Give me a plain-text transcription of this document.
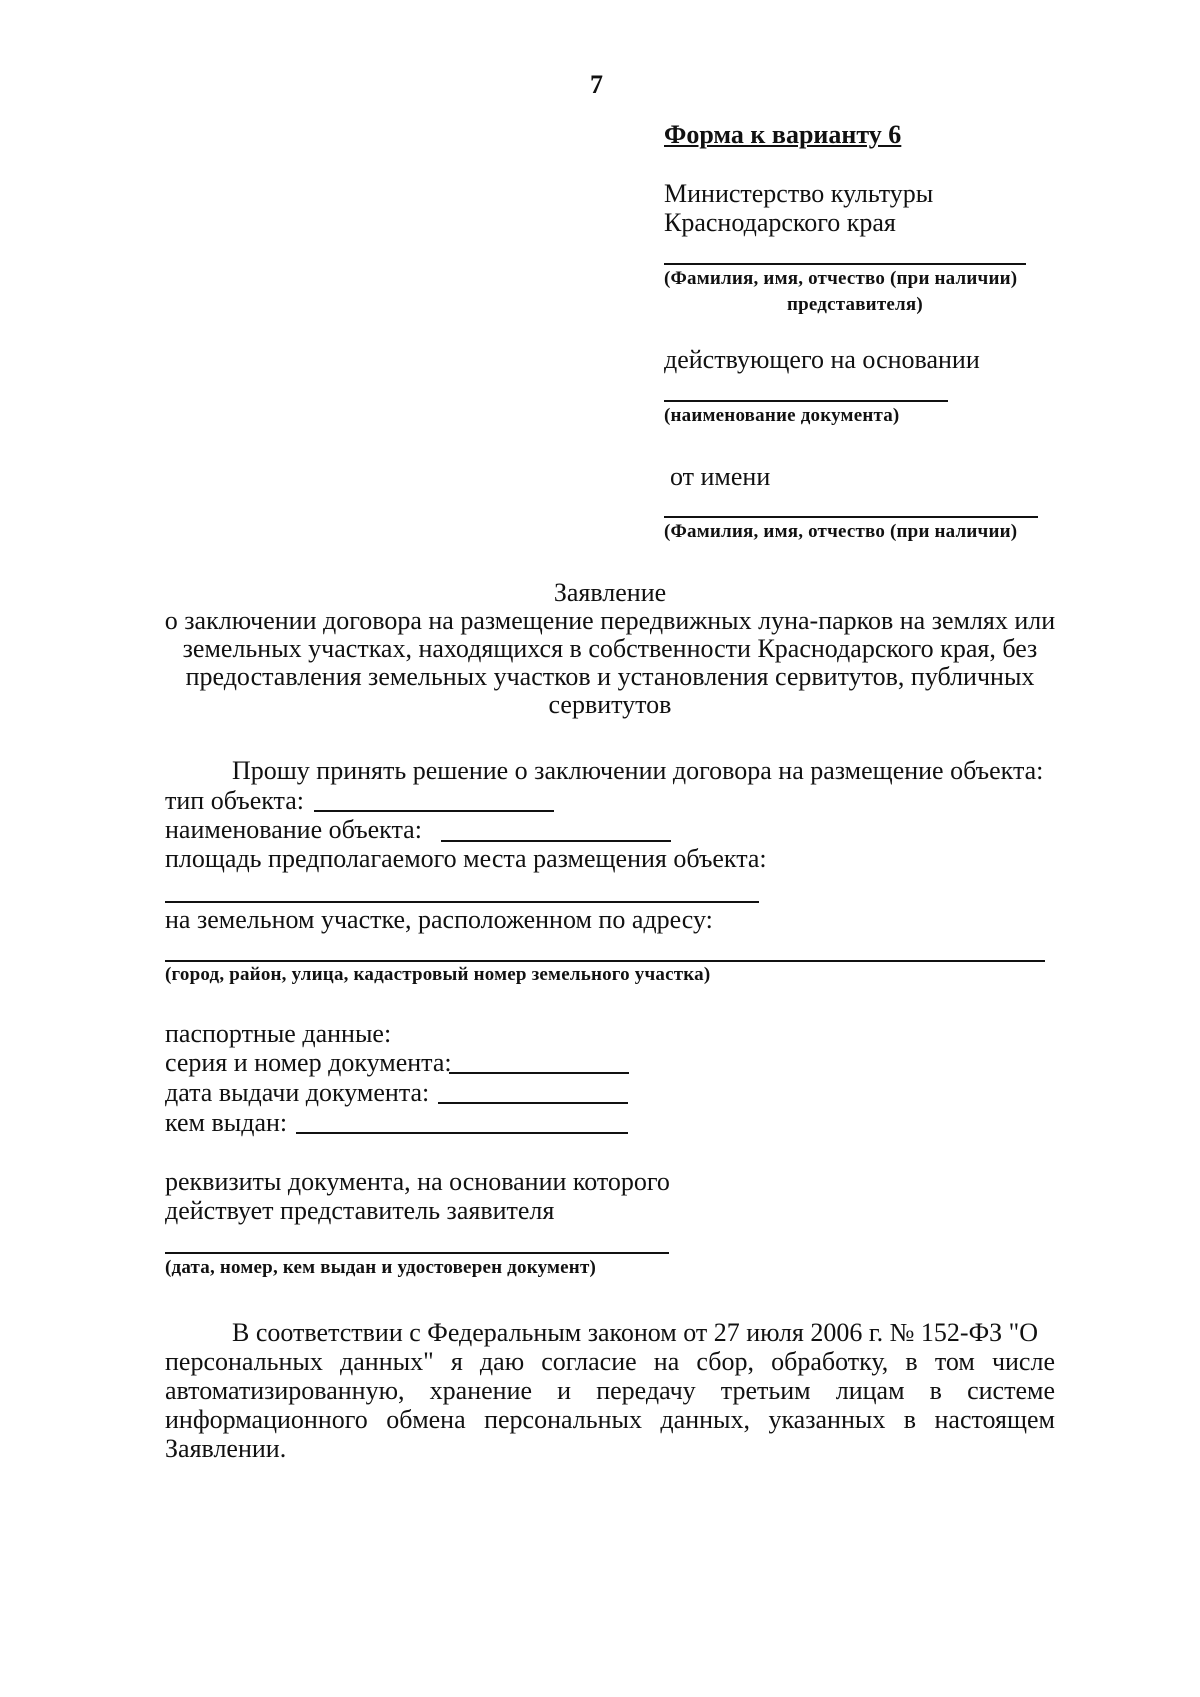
7
Форма к варианту 6
Министерство культуры
Краснодарского края
(Фамилия, имя, отчество (при наличии)
представителя)
действующего на основании
(наименование документа)
от имени
(Фамилия, имя, отчество (при наличии)
Заявление
о заключении договора на размещение передвижных луна-парков на землях или
земельных участках, находящихся в собственности Краснодарского края, без
предоставления земельных участков и установления сервитутов, публичных
сервитутов
Прошу принять решение о заключении договора на размещение объекта:
тип объекта:
наименование объекта:
площадь предполагаемого места размещения объекта:
на земельном участке, расположенном по адресу:
(город, район, улица, кадастровый номер земельного участка)
паспортные данные:
серия и номер документа:
дата выдачи документа:
кем выдан:
реквизиты документа, на основании которого
действует представитель заявителя
(дата, номер, кем выдан и удостоверен документ)
В соответствии с Федеральным законом от 27 июля 2006 г. № 152-ФЗ "О
персональных данных" я даю согласие на сбор, обработку, в том числе
автоматизированную, хранение и передачу третьим лицам в системе
информационного обмена персональных данных, указанных в настоящем
Заявлении.
